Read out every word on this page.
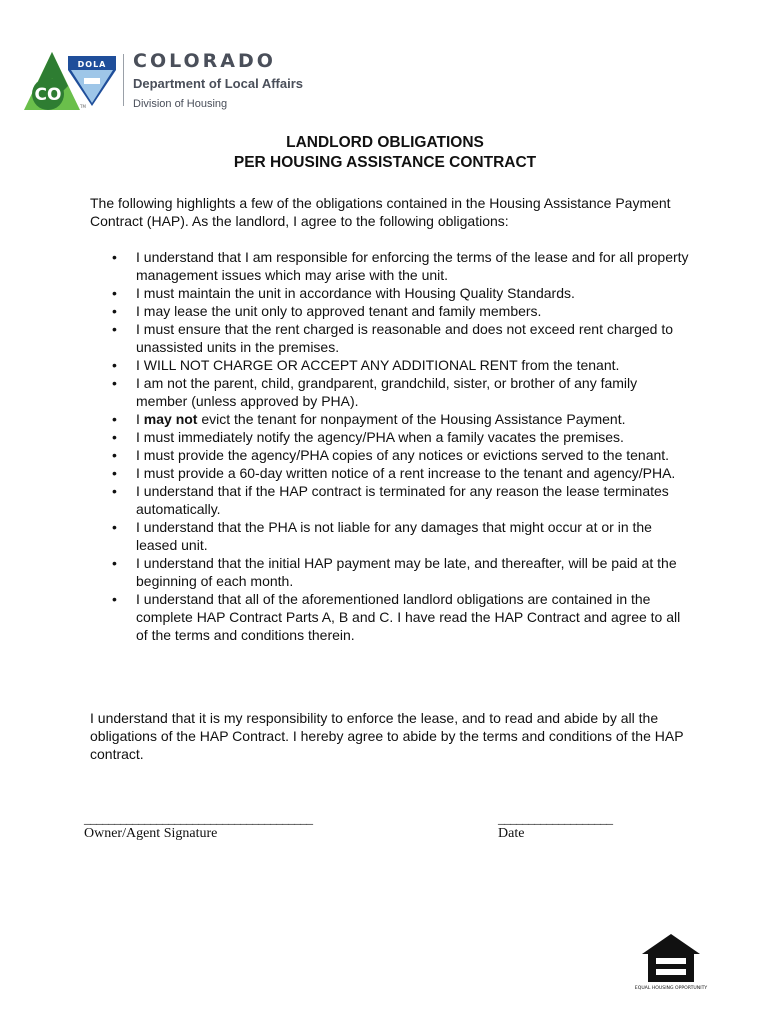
CO
DOLA
TM
COLORADO
Department of Local Affairs
Division of Housing
LANDLORD OBLIGATIONS
PER HOUSING ASSISTANCE CONTRACT
The following highlights a few of the obligations contained in the Housing Assistance Payment Contract (HAP). As the landlord, I agree to the following obligations:
• I understand that I am responsible for enforcing the terms of the lease and for all property management issues which may arise with the unit.
• I must maintain the unit in accordance with Housing Quality Standards.
• I may lease the unit only to approved tenant and family members.
• I must ensure that the rent charged is reasonable and does not exceed rent charged to unassisted units in the premises.
• I WILL NOT CHARGE OR ACCEPT ANY ADDITIONAL RENT from the tenant.
• I am not the parent, child, grandparent, grandchild, sister, or brother of any family member (unless approved by PHA).
• I may not evict the tenant for nonpayment of the Housing Assistance Payment.
• I must immediately notify the agency/PHA when a family vacates the premises.
• I must provide the agency/PHA copies of any notices or evictions served to the tenant.
• I must provide a 60-day written notice of a rent increase to the tenant and agency/PHA.
• I understand that if the HAP contract is terminated for any reason the lease terminates automatically.
• I understand that the PHA is not liable for any damages that might occur at or in the leased unit.
• I understand that the initial HAP payment may be late, and thereafter, will be paid at the beginning of each month.
• I understand that all of the aforementioned landlord obligations are contained in the complete HAP Contract Parts A, B and C. I have read the HAP Contract and agree to all of the terms and conditions therein.
I understand that it is my responsibility to enforce the lease, and to read and abide by all the obligations of the HAP Contract. I hereby agree to abide by the terms and conditions of the HAP contract.
______________________________________
Owner/Agent Signature
___________________
Date
EQUAL HOUSING OPPORTUNITY
